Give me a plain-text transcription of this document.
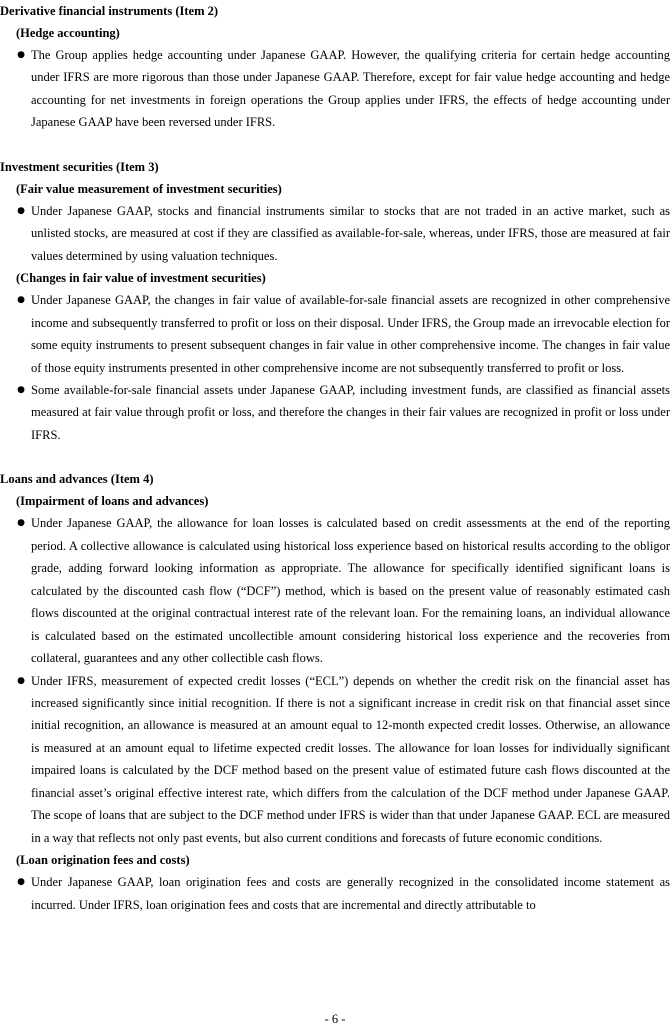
Derivative financial instruments (Item 2)

(Hedge accounting)

● The Group applies hedge accounting under Japanese GAAP. However, the qualifying criteria for certain hedge accounting under IFRS are more rigorous than those under Japanese GAAP. Therefore, except for fair value hedge accounting and hedge accounting for net investments in foreign operations the Group applies under IFRS, the effects of hedge accounting under Japanese GAAP have been reversed under IFRS.

Investment securities (Item 3)

(Fair value measurement of investment securities)

● Under Japanese GAAP, stocks and financial instruments similar to stocks that are not traded in an active market, such as unlisted stocks, are measured at cost if they are classified as available-for-sale, whereas, under IFRS, those are measured at fair values determined by using valuation techniques.

(Changes in fair value of investment securities)

● Under Japanese GAAP, the changes in fair value of available-for-sale financial assets are recognized in other comprehensive income and subsequently transferred to profit or loss on their disposal. Under IFRS, the Group made an irrevocable election for some equity instruments to present subsequent changes in fair value in other comprehensive income. The changes in fair value of those equity instruments presented in other comprehensive income are not subsequently transferred to profit or loss.
● Some available-for-sale financial assets under Japanese GAAP, including investment funds, are classified as financial assets measured at fair value through profit or loss, and therefore the changes in their fair values are recognized in profit or loss under IFRS.

Loans and advances (Item 4)

(Impairment of loans and advances)

● Under Japanese GAAP, the allowance for loan losses is calculated based on credit assessments at the end of the reporting period. A collective allowance is calculated using historical loss experience based on historical results according to the obligor grade, adding forward looking information as appropriate. The allowance for specifically identified significant loans is calculated by the discounted cash flow (“DCF”) method, which is based on the present value of reasonably estimated cash flows discounted at the original contractual interest rate of the relevant loan. For the remaining loans, an individual allowance is calculated based on the estimated uncollectible amount considering historical loss experience and the recoveries from collateral, guarantees and any other collectible cash flows.
● Under IFRS, measurement of expected credit losses (“ECL”) depends on whether the credit risk on the financial asset has increased significantly since initial recognition. If there is not a significant increase in credit risk on that financial asset since initial recognition, an allowance is measured at an amount equal to 12-month expected credit losses. Otherwise, an allowance is measured at an amount equal to lifetime expected credit losses. The allowance for loan losses for individually significant impaired loans is calculated by the DCF method based on the present value of estimated future cash flows discounted at the financial asset’s original effective interest rate, which differs from the calculation of the DCF method under Japanese GAAP. The scope of loans that are subject to the DCF method under IFRS is wider than that under Japanese GAAP. ECL are measured in a way that reflects not only past events, but also current conditions and forecasts of future economic conditions.

(Loan origination fees and costs)

● Under Japanese GAAP, loan origination fees and costs are generally recognized in the consolidated income statement as incurred. Under IFRS, loan origination fees and costs that are incremental and directly attributable to
- 6 -
